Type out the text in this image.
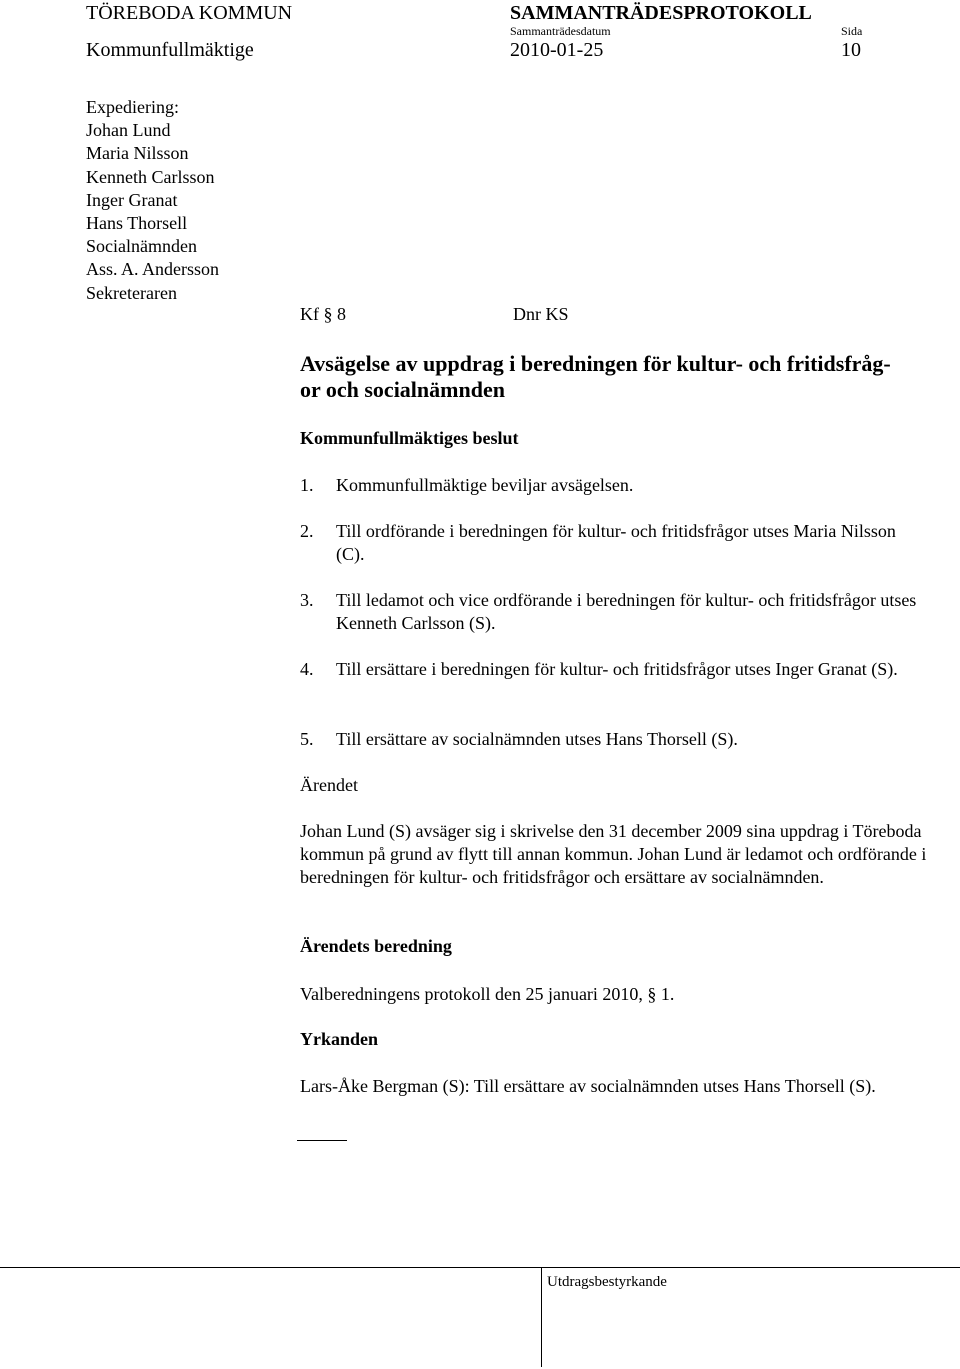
TÖREBODA KOMMUN	SAMMANTRÄDESPROTOKOLL
Sammanträdesdatum	Sida
Kommunfullmäktige	2010-01-25	10
Expediering:
Johan Lund
Maria Nilsson
Kenneth Carlsson
Inger Granat
Hans Thorsell
Socialnämnden
Ass. A. Andersson
Sekreteraren
Kf § 8	Dnr KS
Avsägelse av uppdrag i beredningen för kultur- och fritidsfråg-
or och socialnämnden
Kommunfullmäktiges beslut
1.	Kommunfullmäktige beviljar avsägelsen.
2.	Till ordförande i beredningen för kultur- och fritidsfrågor utses Maria Nilsson (C).
3.	Till ledamot och vice ordförande i beredningen för kultur- och fritidsfrågor utses Kenneth Carlsson (S).
4.	Till ersättare i beredningen för kultur- och fritidsfrågor utses Inger Granat (S).
5.	Till ersättare av socialnämnden utses Hans Thorsell (S).
Ärendet
Johan Lund (S) avsäger sig i skrivelse den 31 december 2009 sina uppdrag i Töreboda kommun på grund av flytt till annan kommun. Johan Lund är ledamot och ordförande i beredningen för kultur- och fritidsfrågor och ersättare av socialnämnden.
Ärendets beredning
Valberedningens protokoll den 25 januari 2010, § 1.
Yrkanden
Lars-Åke Bergman (S): Till ersättare av socialnämnden utses Hans Thorsell (S).
Utdragsbestyrkande
